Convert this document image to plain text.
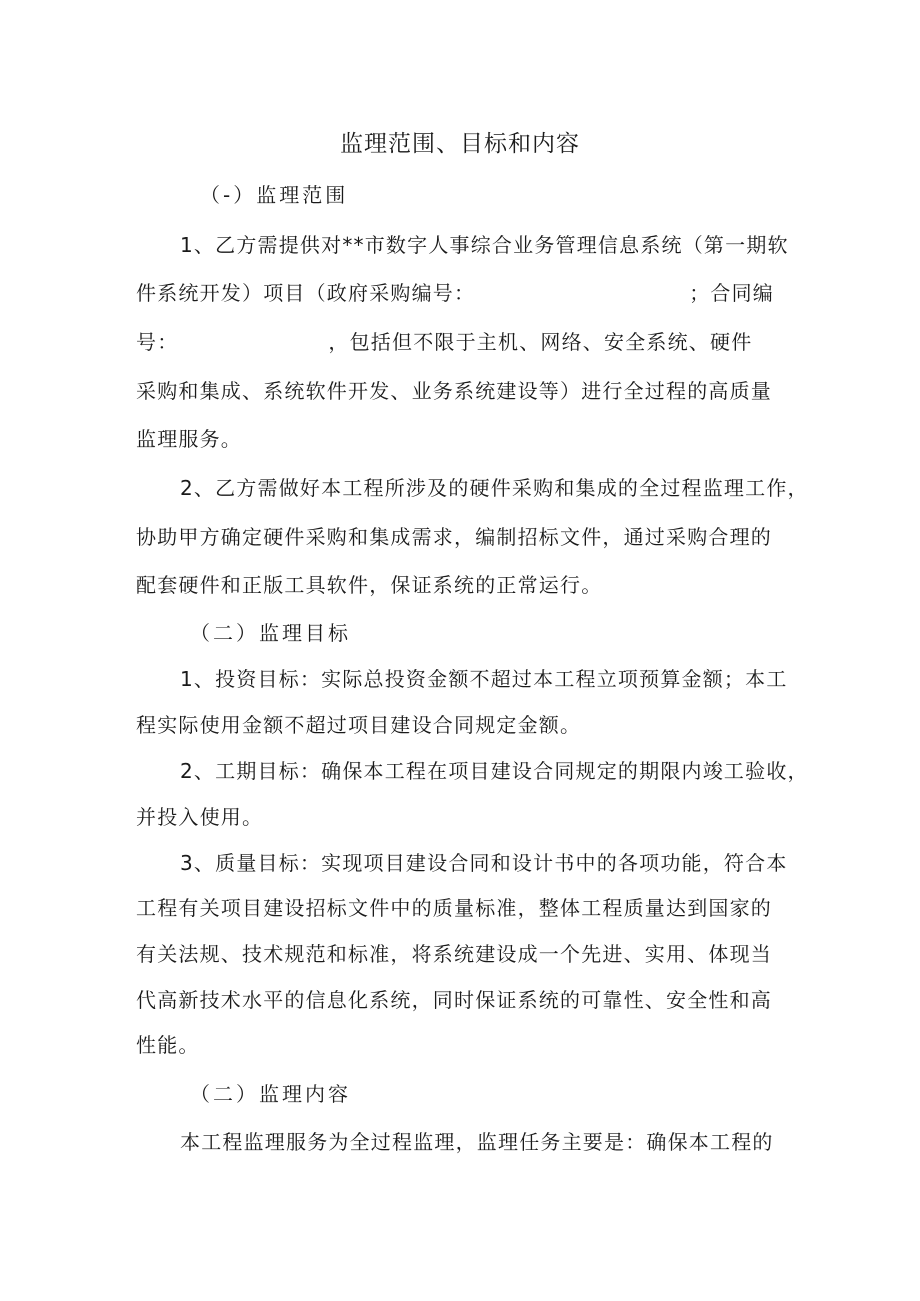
监理范围、目标和内容
（-）监理范围
1、乙方需提供对**市数字人事综合业务管理信息系统（第一期软
件系统开发）项目（政府采购编号：	；合同编
号：	，包括但不限于主机、网络、安全系统、硬件
采购和集成、系统软件开发、业务系统建设等）进行全过程的高质量
监理服务。
2、乙方需做好本工程所涉及的硬件采购和集成的全过程监理工作，
协助甲方确定硬件采购和集成需求，编制招标文件，通过采购合理的
配套硬件和正版工具软件，保证系统的正常运行。
（二）监理目标
1、投资目标：实际总投资金额不超过本工程立项预算金额；本工
程实际使用金额不超过项目建设合同规定金额。
2、工期目标：确保本工程在项目建设合同规定的期限内竣工验收，
并投入使用。
3、质量目标：实现项目建设合同和设计书中的各项功能，符合本
工程有关项目建设招标文件中的质量标准，整体工程质量达到国家的
有关法规、技术规范和标准，将系统建设成一个先进、实用、体现当
代高新技术水平的信息化系统，同时保证系统的可靠性、安全性和高
性能。
（二）监理内容
本工程监理服务为全过程监理，监理任务主要是：确保本工程的
